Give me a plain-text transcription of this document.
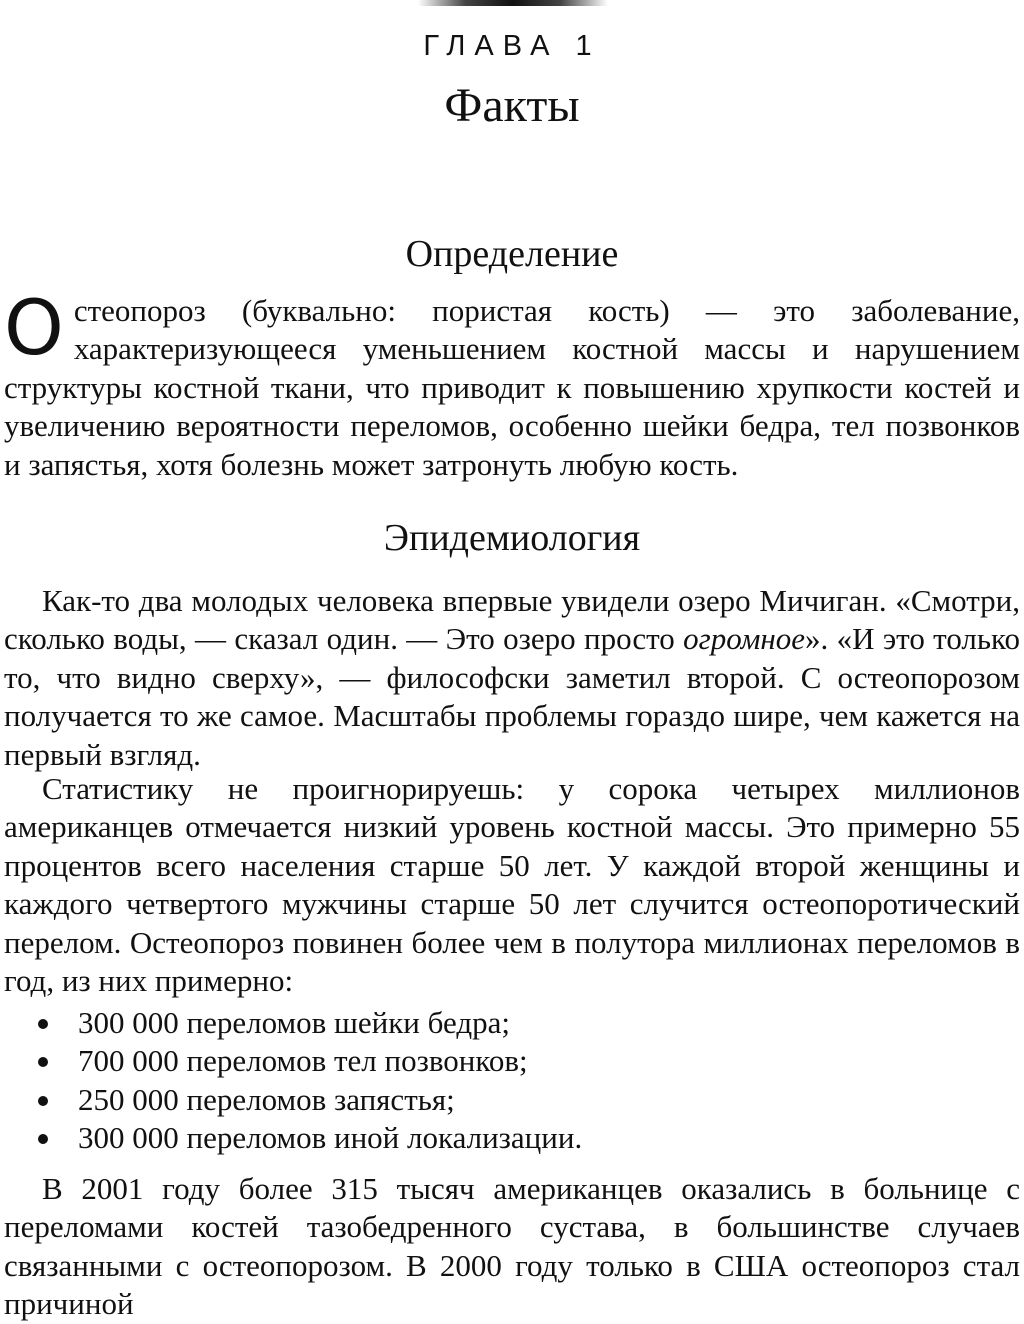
ГЛАВА 1
Факты
Определение

Остеопороз (буквально: пористая кость) — это заболевание, характеризующееся уменьшением костной массы и нарушением структуры костной ткани, что приводит к повышению хрупкости костей и увеличению вероятности переломов, особенно шейки бедра, тел позвонков и запястья, хотя болезнь может затронуть любую кость.

Эпидемиология

Как-то два молодых человека впервые увидели озеро Мичиган. «Смотри, сколько воды, — сказал один. — Это озеро просто огромное». «И это только то, что видно сверху», — философски заметил второй. С остеопорозом получается то же самое. Масштабы проблемы гораздо шире, чем кажется на первый взгляд.

Статистику не проигнорируешь: у сорока четырех миллионов американцев отмечается низкий уровень костной массы. Это примерно 55 процентов всего населения старше 50 лет. У каждой второй женщины и каждого четвертого мужчины старше 50 лет случится остеопоротический перелом. Остеопороз повинен более чем в полутора миллионах переломов в год, из них примерно:

300 000 переломов шейки бедра;
700 000 переломов тел позвонков;
250 000 переломов запястья;
300 000 переломов иной локализации.

В 2001 году более 315 тысяч американцев оказались в больнице с переломами костей тазобедренного сустава, в большинстве случаев связанными с остеопорозом. В 2000 году только в США остеопороз стал причиной
